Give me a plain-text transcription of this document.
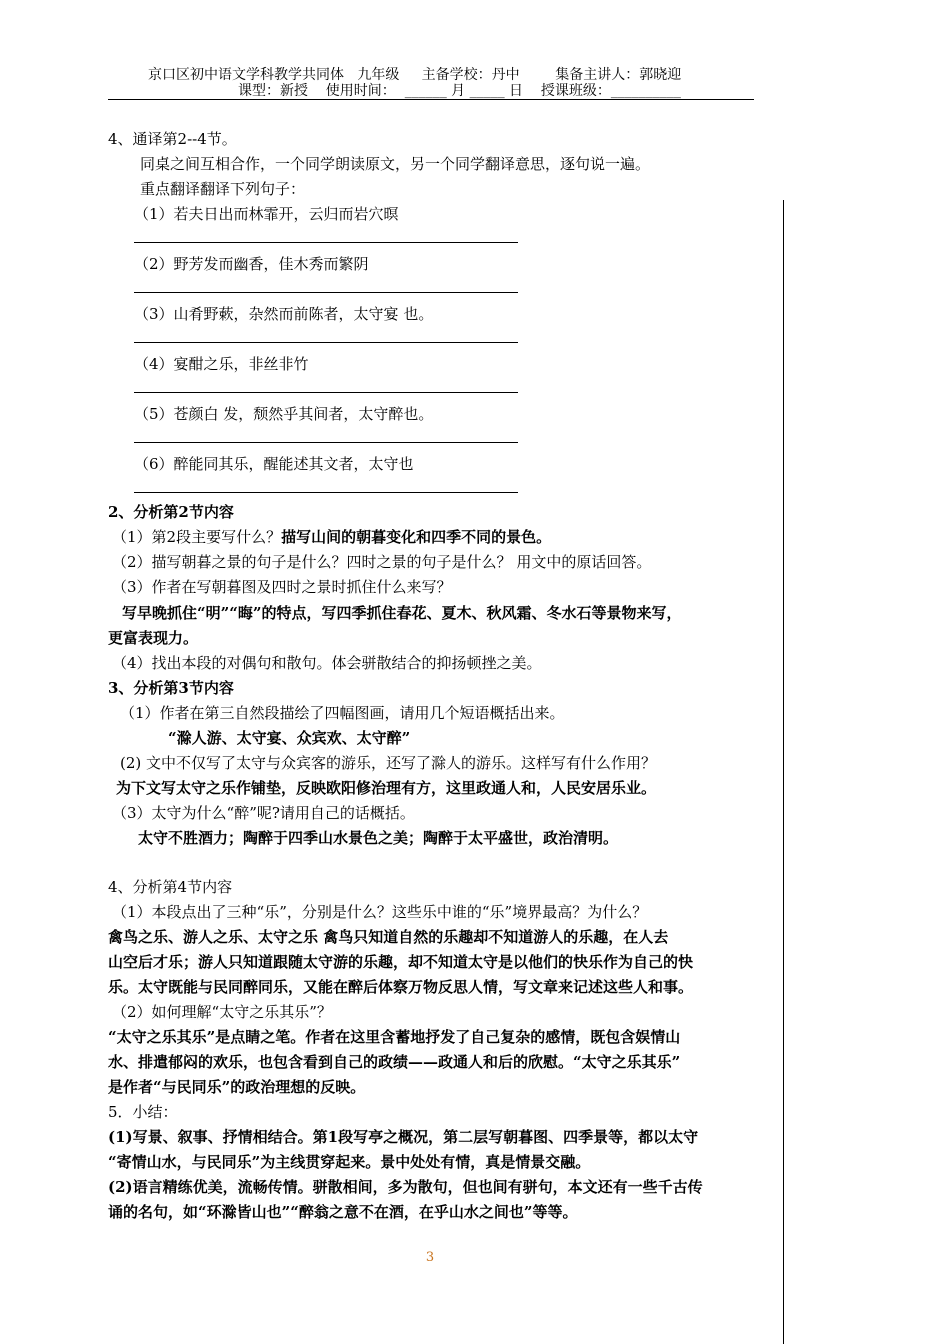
京口区初中语文学科教学共同体   九年级     主备学校：丹中        集备主讲人：郭晓迎
课型：新授    使用时间：  ______ 月 _____ 日    授课班级：__________
4、通译第2--4节。
同桌之间互相合作，一个同学朗读原文，另一个同学翻译意思，逐句说一遍。
重点翻译翻译下列句子：
（1）若夫日出而林霏开，云归而岩穴暝
（2）野芳发而幽香，佳木秀而繁阴
（3）山肴野蔌，杂然而前陈者，太守宴 也。
（4）宴酣之乐，非丝非竹
（5）苍颜白 发，颓然乎其间者，太守醉也。
（6）醉能同其乐，醒能述其文者，太守也
2、分析第2节内容
（1）第2段主要写什么？描写山间的朝暮变化和四季不同的景色。
（2）描写朝暮之景的句子是什么？四时之景的句子是什么？ 用文中的原话回答。
（3）作者在写朝暮图及四时之景时抓住什么来写？
写早晚抓住“明”“晦”的特点，写四季抓住春花、夏木、秋风霜、冬水石等景物来写，
更富表现力。
（4）找出本段的对偶句和散句。体会骈散结合的抑扬顿挫之美。
3、分析第3节内容
（1）作者在第三自然段描绘了四幅图画，请用几个短语概括出来。
“滁人游、太守宴、众宾欢、太守醉”
(2) 文中不仅写了太守与众宾客的游乐，还写了滁人的游乐。这样写有什么作用？
为下文写太守之乐作铺垫，反映欧阳修治理有方，这里政通人和，人民安居乐业。
（3）太守为什么“醉”呢?请用自己的话概括。
太守不胜酒力；陶醉于四季山水景色之美；陶醉于太平盛世，政治清明。
4、分析第4节内容
（1）本段点出了三种“乐”，分别是什么？这些乐中谁的“乐”境界最高？为什么？
禽鸟之乐、游人之乐、太守之乐 禽鸟只知道自然的乐趣却不知道游人的乐趣，在人去
山空后才乐；游人只知道跟随太守游的乐趣，却不知道太守是以他们的快乐作为自己的快
乐。太守既能与民同醉同乐，又能在醉后体察万物反思人情，写文章来记述这些人和事。
（2）如何理解“太守之乐其乐”？
“太守之乐其乐”是点睛之笔。作者在这里含蓄地抒发了自己复杂的感情，既包含娱情山
水、排遣郁闷的欢乐，也包含看到自己的政绩——政通人和后的欣慰。“太守之乐其乐”
是作者“与民同乐”的政治理想的反映。
5．小结：
(1)写景、叙事、抒情相结合。第1段写亭之概况，第二层写朝暮图、四季景等，都以太守
“寄情山水，与民同乐”为主线贯穿起来。景中处处有情，真是情景交融。
(2)语言精练优美，流畅传情。骈散相间，多为散句，但也间有骈句，本文还有一些千古传
诵的名句，如“环滁皆山也”“醉翁之意不在酒，在乎山水之间也”等等。
3
